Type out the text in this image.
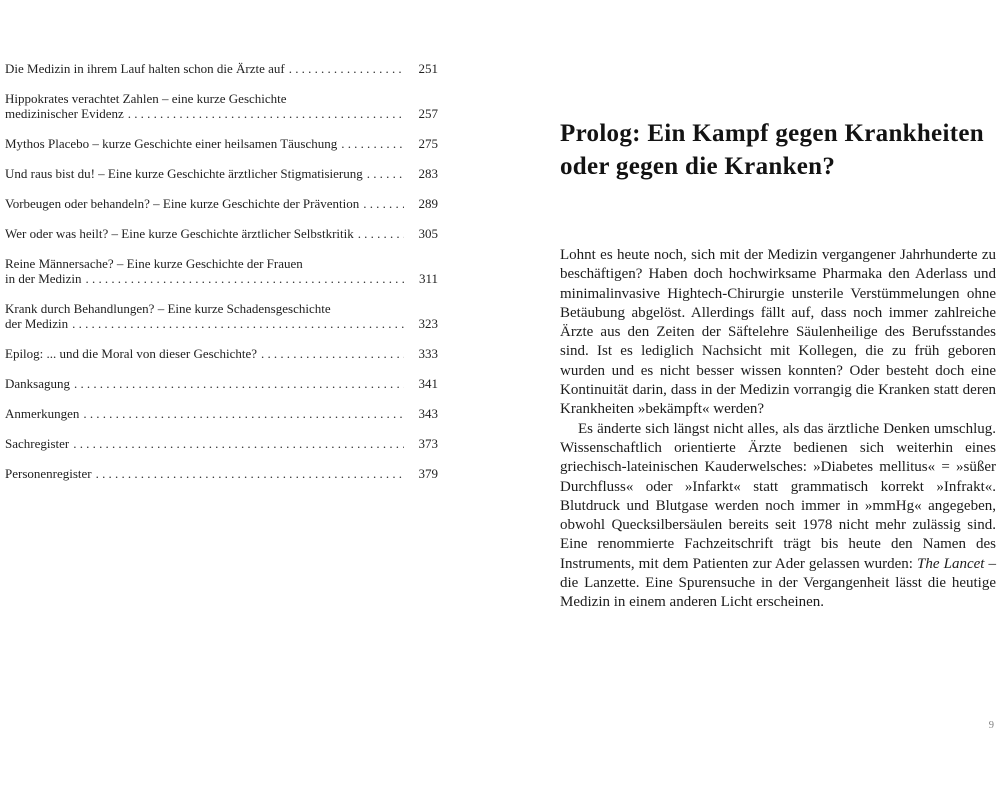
Die Medizin in ihrem Lauf halten schon die Ärzte auf .....	251
Hippokrates verachtet Zahlen – eine kurze Geschichte
medizinischer Evidenz .....	257
Mythos Placebo – kurze Geschichte einer heilsamen Täuschung .....	275
Und raus bist du! – Eine kurze Geschichte ärztlicher Stigmatisierung .....	283
Vorbeugen oder behandeln? – Eine kurze Geschichte der Prävention .....	289
Wer oder was heilt? – Eine kurze Geschichte ärztlicher Selbstkritik .....	305
Reine Männersache? – Eine kurze Geschichte der Frauen
in der Medizin .....	311
Krank durch Behandlungen? – Eine kurze Schadensgeschichte
der Medizin .....	323
Epilog: ... und die Moral von dieser Geschichte? .....	333
Danksagung .....	341
Anmerkungen .....	343
Sachregister .....	373
Personenregister .....	379
Prolog: Ein Kampf gegen Krankheiten
oder gegen die Kranken?

Lohnt es heute noch, sich mit der Medizin vergangener Jahrhunderte zu beschäftigen? Haben doch hochwirksame Pharmaka den Aderlass und minimalinvasive Hightech-Chirurgie unsterile Verstümmelungen ohne Betäubung abgelöst. Allerdings fällt auf, dass noch immer zahlreiche Ärzte aus den Zeiten der Säftelehre Säulenheilige des Berufsstandes sind. Ist es lediglich Nachsicht mit Kollegen, die zu früh geboren wurden und es nicht besser wissen konnten? Oder besteht doch eine Kontinuität darin, dass in der Medizin vorrangig die Kranken statt deren Krankheiten »bekämpft« werden?

Es änderte sich längst nicht alles, als das ärztliche Denken umschlug. Wissenschaftlich orientierte Ärzte bedienen sich weiterhin eines griechisch-lateinischen Kauderwelsches: »Diabetes mellitus« = »süßer Durchfluss« oder »Infarkt« statt grammatisch korrekt »Infrakt«. Blutdruck und Blutgase werden noch immer in »mmHg« angegeben, obwohl Quecksilbersäulen bereits seit 1978 nicht mehr zulässig sind. Eine renommierte Fachzeitschrift trägt bis heute den Namen des Instruments, mit dem Patienten zur Ader gelassen wurden: The Lancet – die Lanzette. Eine Spurensuche in der Vergangenheit lässt die heutige Medizin in einem anderen Licht erscheinen.

9
